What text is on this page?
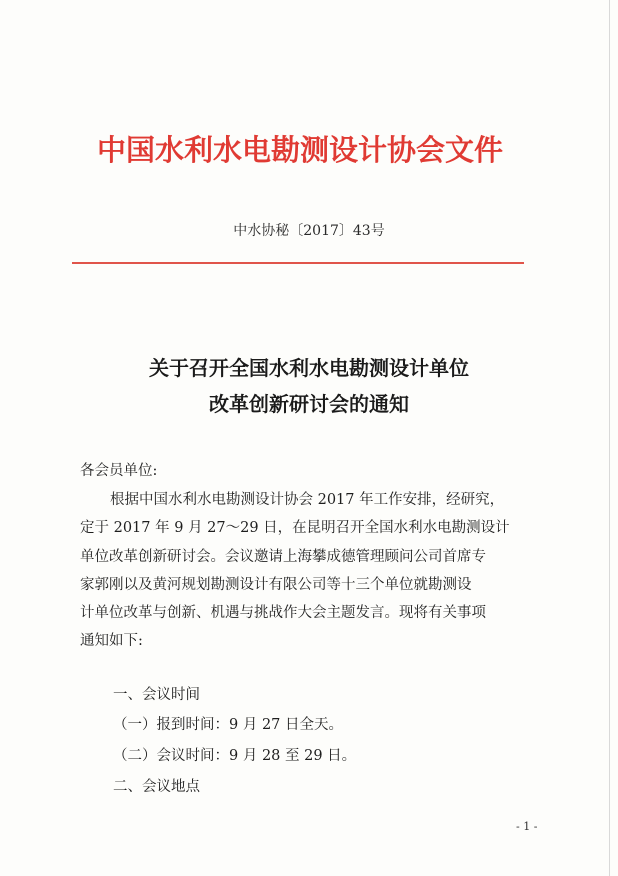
中国水利水电勘测设计协会文件
中水协秘〔2017〕43号
关于召开全国水利水电勘测设计单位
改革创新研讨会的通知
各会员单位:
根据中国水利水电勘测设计协会 2017 年工作安排，经研究，
定于 2017 年 9 月 27～29 日，在昆明召开全国水利水电勘测设计
单位改革创新研讨会。会议邀请上海攀成德管理顾问公司首席专
家郭刚以及黄河规划勘测设计有限公司等十三个单位就勘测设
计单位改革与创新、机遇与挑战作大会主题发言。现将有关事项
通知如下:
一、会议时间
（一）报到时间：9 月 27 日全天。
（二）会议时间：9 月 28 至 29 日。
二、会议地点
- 1 -
